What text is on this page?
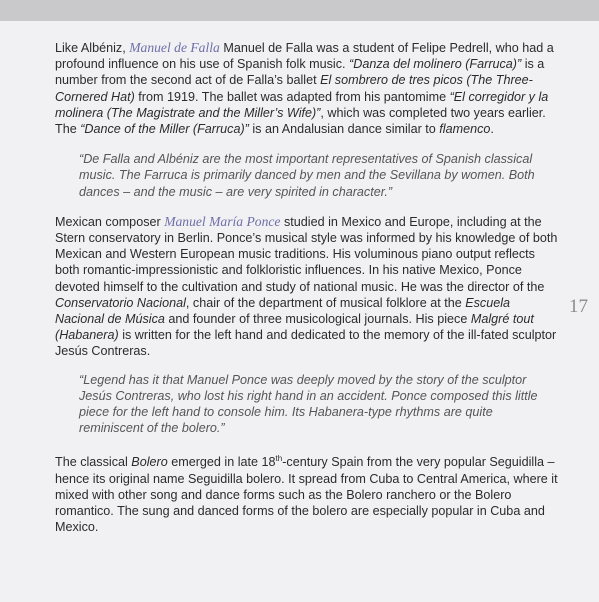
Like Albéniz, Manuel de Falla Manuel de Falla was a student of Felipe Pedrell, who had a profound influence on his use of Spanish folk music. “Danza del molinero (Farruca)” is a number from the second act of de Falla’s ballet El sombrero de tres picos (The Three-Cornered Hat) from 1919. The ballet was adapted from his pantomime “El corregidor y la molinera (The Magistrate and the Miller’s Wife)”, which was completed two years earlier. The “Dance of the Miller (Farruca)” is an Andalusian dance similar to flamenco.

“De Falla and Albéniz are the most important representatives of Spanish classical music. The Farruca is primarily danced by men and the Sevillana by women. Both dances – and the music – are very spirited in character.”

Mexican composer Manuel María Ponce studied in Mexico and Europe, including at the Stern conservatory in Berlin. Ponce’s musical style was informed by his knowledge of both Mexican and Western European music traditions. His voluminous piano output reflects both romantic-impressionistic and folkloristic influences. In his native Mexico, Ponce devoted himself to the cultivation and study of national music. He was the director of the Conservatorio Nacional, chair of the department of musical folklore at the Escuela Nacional de Música and founder of three musicological journals. His piece Malgré tout (Habanera) is written for the left hand and dedicated to the memory of the ill-fated sculptor Jesús Contreras.

“Legend has it that Manuel Ponce was deeply moved by the story of the sculptor Jesús Contreras, who lost his right hand in an accident. Ponce composed this little piece for the left hand to console him. Its Habanera-type rhythms are quite reminiscent of the bolero.”

The classical Bolero emerged in late 18th-century Spain from the very popular Seguidilla – hence its original name Seguidilla bolero. It spread from Cuba to Central America, where it mixed with other song and dance forms such as the Bolero ranchero or the Bolero romantico. The sung and danced forms of the bolero are especially popular in Cuba and Mexico.

17
